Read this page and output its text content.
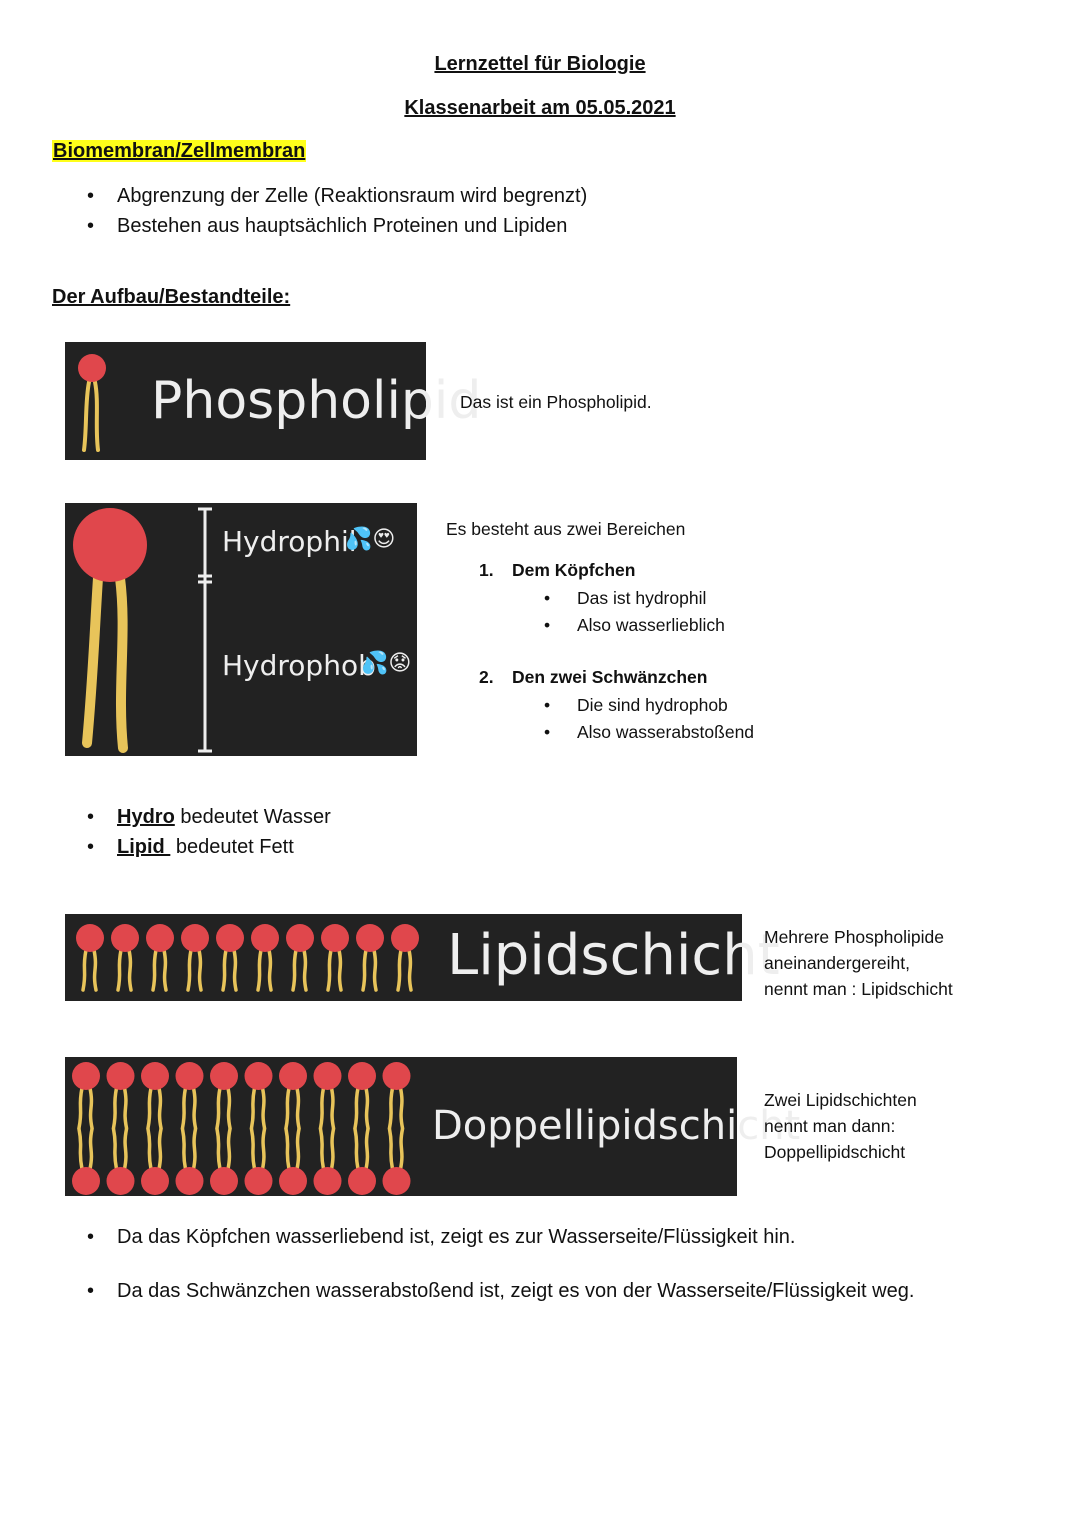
Lernzettel für Biologie
Klassenarbeit am 05.05.2021
Biomembran/Zellmembran
• Abgrenzung der Zelle (Reaktionsraum wird begrenzt)
• Bestehen aus hauptsächlich Proteinen und Lipiden
Der Aufbau/Bestandteile:
Phospholipid
Das ist ein Phospholipid.
Hydrophil
💦😍
Hydrophob
💦😟
Es besteht aus zwei Bereichen
1. Dem Köpfchen
• Das ist hydrophil
• Also wasserlieblich
2. Den zwei Schwänzchen
• Die sind hydrophob
• Also wasserabstoßend
• Hydro bedeutet Wasser
• Lipid  bedeutet Fett
Lipidschicht
Mehrere Phospholipide
aneinandergereiht,
nennt man : Lipidschicht
Doppellipidschicht
Zwei Lipidschichten
nennt man dann:
Doppellipidschicht
• Da das Köpfchen wasserliebend ist, zeigt es zur Wasserseite/Flüssigkeit hin.
• Da das Schwänzchen wasserabstoßend ist, zeigt es von der Wasserseite/Flüssigkeit weg.
